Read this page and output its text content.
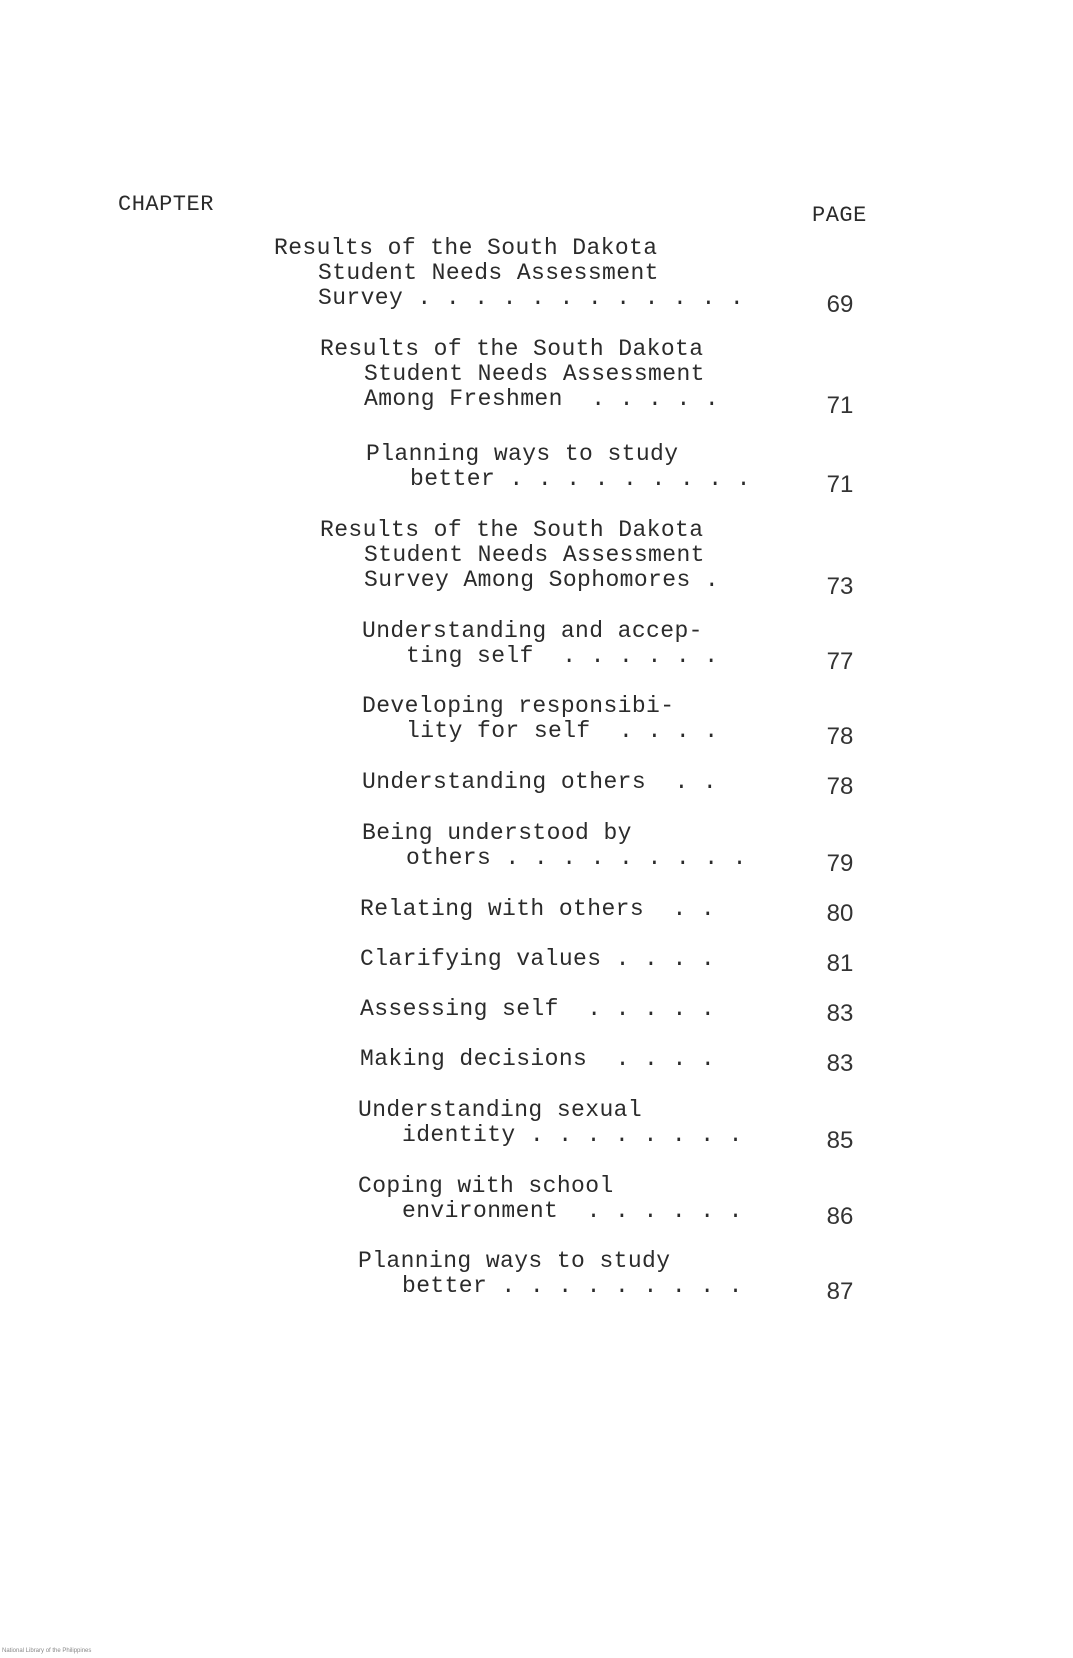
CHAPTER	PAGE
Results of the South Dakota
Student Needs Assessment
Survey . . . . . . . . . . . .	69
Results of the South Dakota
Student Needs Assessment
Among Freshmen  . . . . .	71
Planning ways to study
better . . . . . . . . .	71
Results of the South Dakota
Student Needs Assessment
Survey Among Sophomores .	73
Understanding and accep-
ting self  . . . . . .	77
Developing responsibi-
lity for self  . . . .	78
Understanding others  . .	78
Being understood by
others . . . . . . . . .	79
Relating with others  . .	80
Clarifying values . . . .	81
Assessing self  . . . . .	83
Making decisions  . . . .	83
Understanding sexual
identity . . . . . . . .	85
Coping with school
environment  . . . . . .	86
Planning ways to study
better . . . . . . . . .	87
National Library of the Philippines
